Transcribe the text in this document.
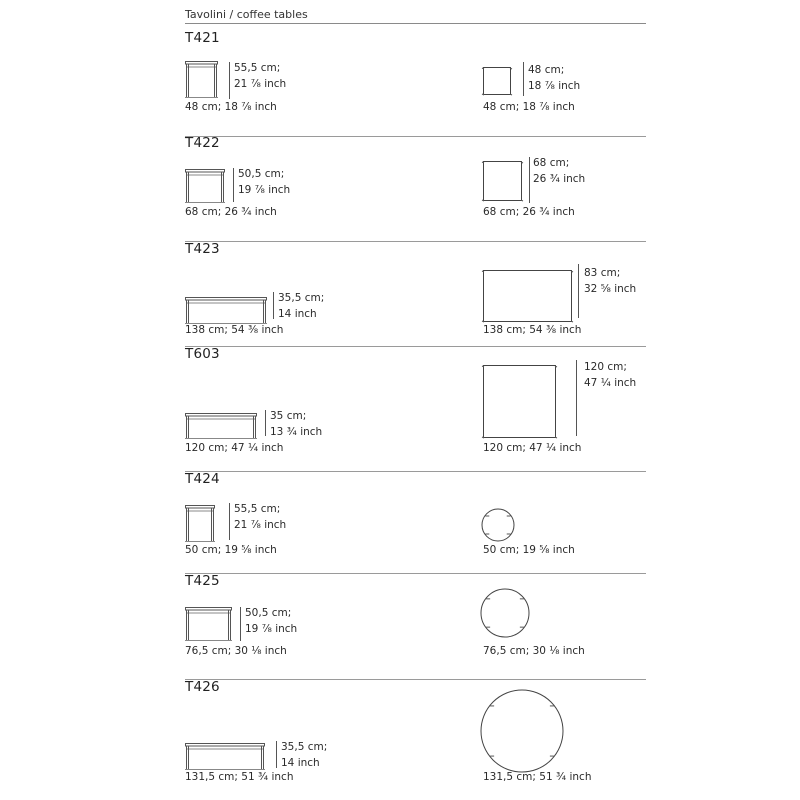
Tavolini / coffee tables
T421
55,5 cm;
21 ⁷⁄₈ inch
48 cm; 18 ⁷⁄₈ inch
48 cm;
18 ⁷⁄₈ inch
48 cm; 18 ⁷⁄₈ inch
T422
50,5 cm;
19 ⁷⁄₈ inch
68 cm; 26 ³⁄₄ inch
68 cm;
26 ³⁄₄ inch
68 cm; 26 ³⁄₄ inch
T423
35,5 cm;
14 inch
138 cm; 54 ³⁄₈ inch
83 cm;
32 ⁵⁄₈ inch
138 cm; 54 ³⁄₈ inch
T603
35 cm;
13 ³⁄₄ inch
120 cm; 47 ¹⁄₄ inch
120 cm;
47 ¹⁄₄ inch
120 cm; 47 ¹⁄₄ inch
T424
55,5 cm;
21 ⁷⁄₈ inch
50 cm; 19 ⁵⁄₈ inch	50 cm; 19 ⁵⁄₈ inch
T425
50,5 cm;
19 ⁷⁄₈ inch
76,5 cm; 30 ¹⁄₈ inch	76,5 cm; 30 ¹⁄₈ inch
T426
35,5 cm;
14 inch
131,5 cm; 51 ³⁄₄ inch	131,5 cm; 51 ³⁄₄ inch
